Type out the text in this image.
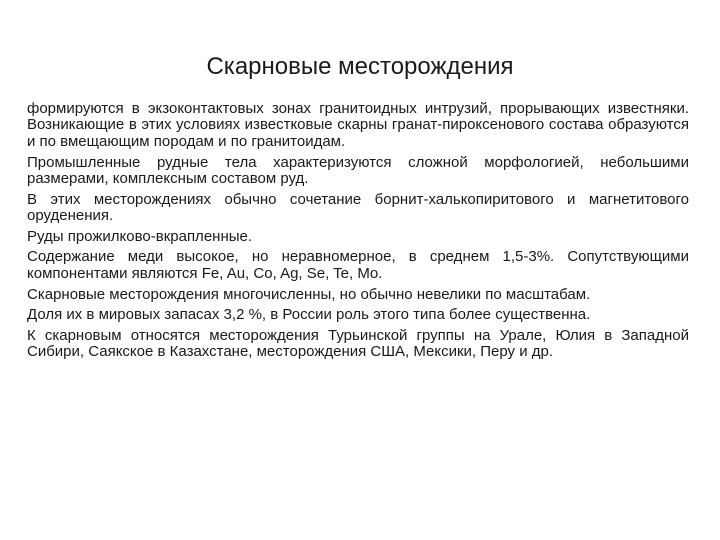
Скарновые месторождения

формируются в экзоконтактовых зонах гранитоидных интрузий, прорывающих известняки. Возникающие в этих условиях известковые скарны гранат-пироксенового состава образуются и по вмещающим породам и по гранитоидам.

Промышленные рудные тела характеризуются сложной морфологией, небольшими размерами, комплексным составом руд.

В этих месторождениях обычно сочетание борнит-халькопиритового и магнетитового оруденения.

Руды прожилково-вкрапленные.

Содержание меди высокое, но неравномерное, в среднем 1,5-3%. Сопутствующими компонентами являются Fe, Au, Co, Ag, Se, Te, Mo.

Скарновые месторождения многочисленны, но обычно невелики по масштабам.

Доля их в мировых запасах 3,2 %, в России роль этого типа более существенна.

К скарновым относятся месторождения Турьинской группы на Урале, Юлия в Западной Сибири, Саякское в Казахстане, месторождения США, Мексики, Перу и др.
